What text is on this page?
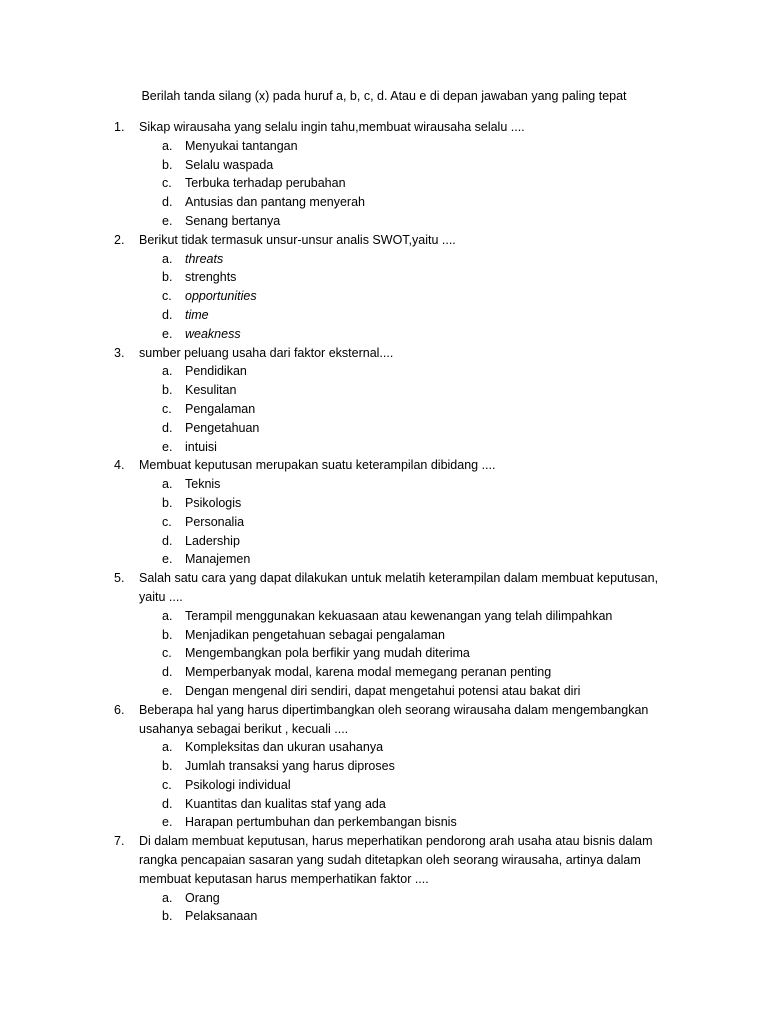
Berilah tanda silang (x) pada huruf a, b, c, d. Atau e di depan jawaban yang paling tepat
1. Sikap wirausaha yang selalu ingin tahu,membuat wirausaha selalu ....
a. Menyukai tantangan
b. Selalu waspada
c. Terbuka terhadap perubahan
d. Antusias dan pantang menyerah
e. Senang bertanya
2. Berikut tidak termasuk unsur-unsur analis SWOT,yaitu ....
a. threats
b. strenghts
c. opportunities
d. time
e. weakness
3. sumber peluang usaha dari faktor eksternal....
a. Pendidikan
b. Kesulitan
c. Pengalaman
d. Pengetahuan
e. intuisi
4. Membuat keputusan merupakan suatu keterampilan dibidang ....
a. Teknis
b. Psikologis
c. Personalia
d. Ladership
e. Manajemen
5. Salah satu cara yang dapat dilakukan untuk melatih keterampilan dalam membuat keputusan, yaitu ....
a. Terampil menggunakan kekuasaan atau kewenangan yang telah dilimpahkan
b. Menjadikan pengetahuan sebagai pengalaman
c. Mengembangkan pola berfikir yang mudah diterima
d. Memperbanyak modal, karena modal memegang peranan penting
e. Dengan mengenal diri sendiri, dapat mengetahui potensi atau bakat diri
6. Beberapa hal yang harus dipertimbangkan oleh seorang wirausaha dalam mengembangkan usahanya sebagai berikut , kecuali ....
a. Kompleksitas dan ukuran usahanya
b. Jumlah transaksi yang harus diproses
c. Psikologi individual
d. Kuantitas dan kualitas staf yang ada
e. Harapan pertumbuhan dan perkembangan bisnis
7. Di dalam membuat keputusan, harus meperhatikan pendorong arah usaha atau bisnis dalam rangka pencapaian sasaran yang sudah ditetapkan oleh seorang wirausaha, artinya dalam membuat keputasan harus memperhatikan faktor ....
a. Orang
b. Pelaksanaan
